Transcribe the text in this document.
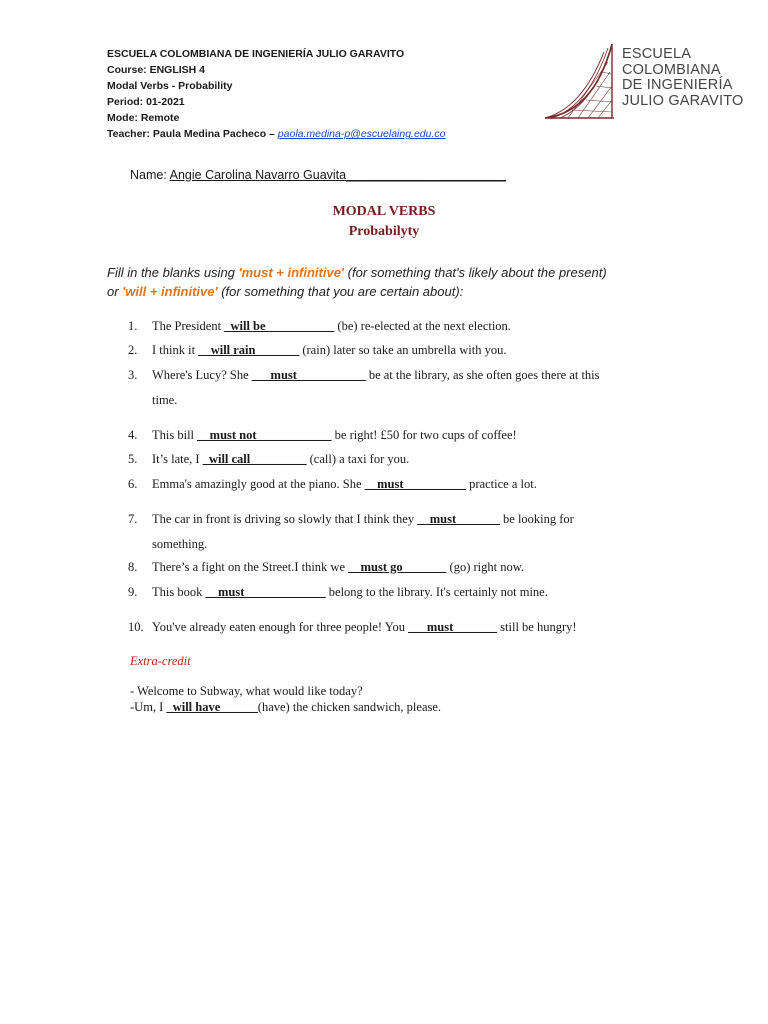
ESCUELA COLOMBIANA DE INGENIERÍA JULIO GARAVITO
Course: ENGLISH 4
Modal Verbs - Probability
Period: 01-2021
Mode: Remote
Teacher: Paula Medina Pacheco – paola.medina-p@escuelaing.edu.co
ESCUELA
COLOMBIANA
DE INGENIERÍA
JULIO GARAVITO
Name: Angie Carolina Navarro Guavita_______________________
MODAL VERBS
Probabilyty
Fill in the blanks using 'must + infinitive' (for something that's likely about the present)
or 'will + infinitive' (for something that you are certain about):
1. The President _will be___________ (be) re-elected at the next election.
2. I think it __will rain_______ (rain) later so take an umbrella with you.
3. Where's Lucy? She ___must___________ be at the library, as she often goes there at this
time.
4. This bill __must not____________ be right! £50 for two cups of coffee!
5. It’s late, I _will call_________ (call) a taxi for you.
6. Emma's amazingly good at the piano. She __must__________ practice a lot.
7. The car in front is driving so slowly that I think they __must_______ be looking for
something.
8. There’s a fight on the Street.I think we __must go_______ (go) right now.
9. This book __must_____________ belong to the library. It's certainly not mine.
10. You've already eaten enough for three people! You ___must_______ still be hungry!
Extra-credit
- Welcome to Subway, what would like today?
-Um, I _will have______(have) the chicken sandwich, please.
